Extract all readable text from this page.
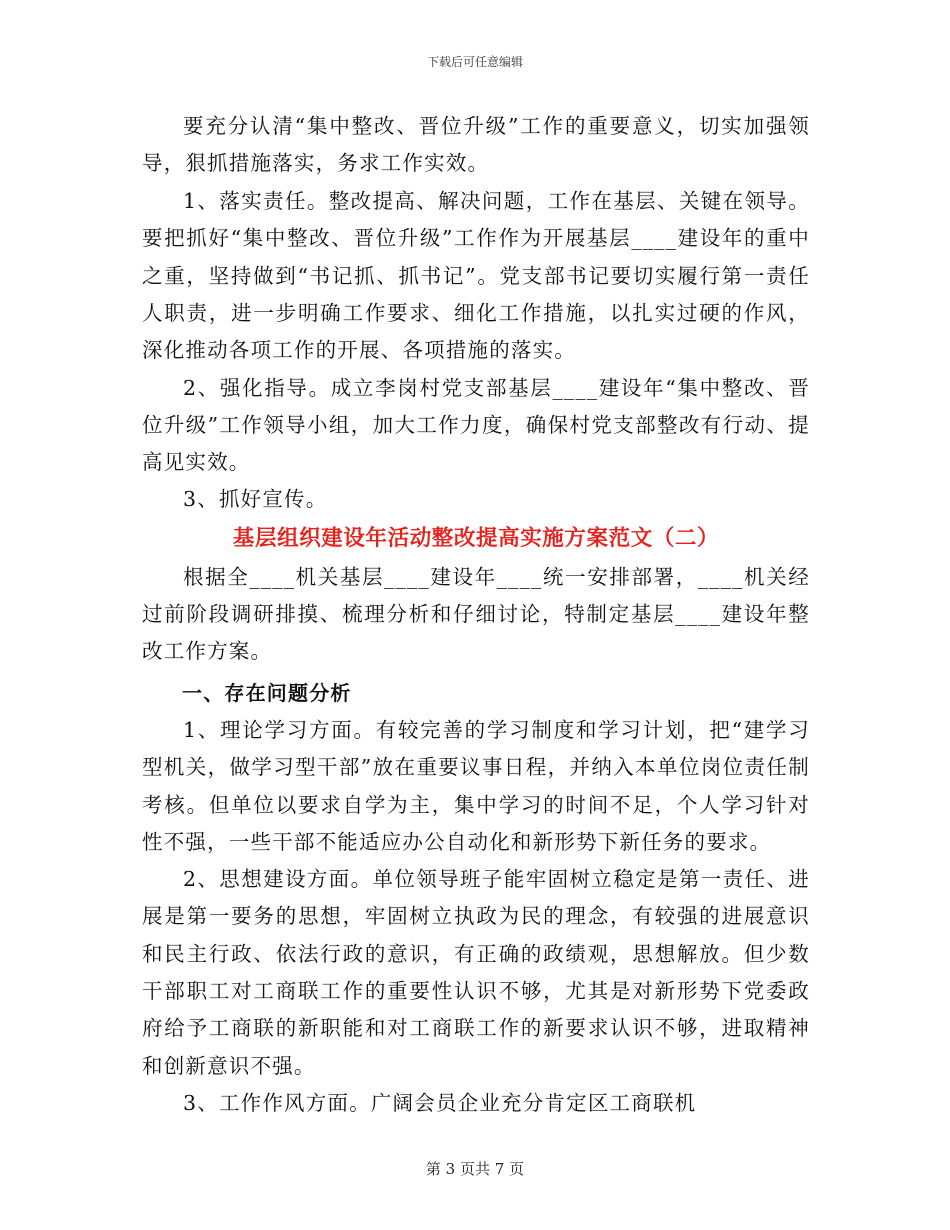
下载后可任意编辑

要充分认清“集中整改、晋位升级”工作的重要意义，切实加强领导，狠抓措施落实，务求工作实效。

1、落实责任。整改提高、解决问题，工作在基层、关键在领导。要把抓好“集中整改、晋位升级”工作作为开展基层____建设年的重中之重，坚持做到“书记抓、抓书记”。党支部书记要切实履行第一责任人职责，进一步明确工作要求、细化工作措施，以扎实过硬的作风，深化推动各项工作的开展、各项措施的落实。

2、强化指导。成立李岗村党支部基层____建设年“集中整改、晋位升级”工作领导小组，加大工作力度，确保村党支部整改有行动、提高见实效。

3、抓好宣传。

基层组织建设年活动整改提高实施方案范文（二）

根据全____机关基层____建设年____统一安排部署，____机关经过前阶段调研排摸、梳理分析和仔细讨论，特制定基层____建设年整改工作方案。

一、存在问题分析

1、理论学习方面。有较完善的学习制度和学习计划，把“建学习型机关，做学习型干部”放在重要议事日程，并纳入本单位岗位责任制考核。但单位以要求自学为主，集中学习的时间不足，个人学习针对性不强，一些干部不能适应办公自动化和新形势下新任务的要求。

2、思想建设方面。单位领导班子能牢固树立稳定是第一责任、进展是第一要务的思想，牢固树立执政为民的理念，有较强的进展意识和民主行政、依法行政的意识，有正确的政绩观，思想解放。但少数干部职工对工商联工作的重要性认识不够，尤其是对新形势下党委政府给予工商联的新职能和对工商联工作的新要求认识不够，进取精神和创新意识不强。

3、工作作风方面。广阔会员企业充分肯定区工商联机

第 3 页共 7 页
